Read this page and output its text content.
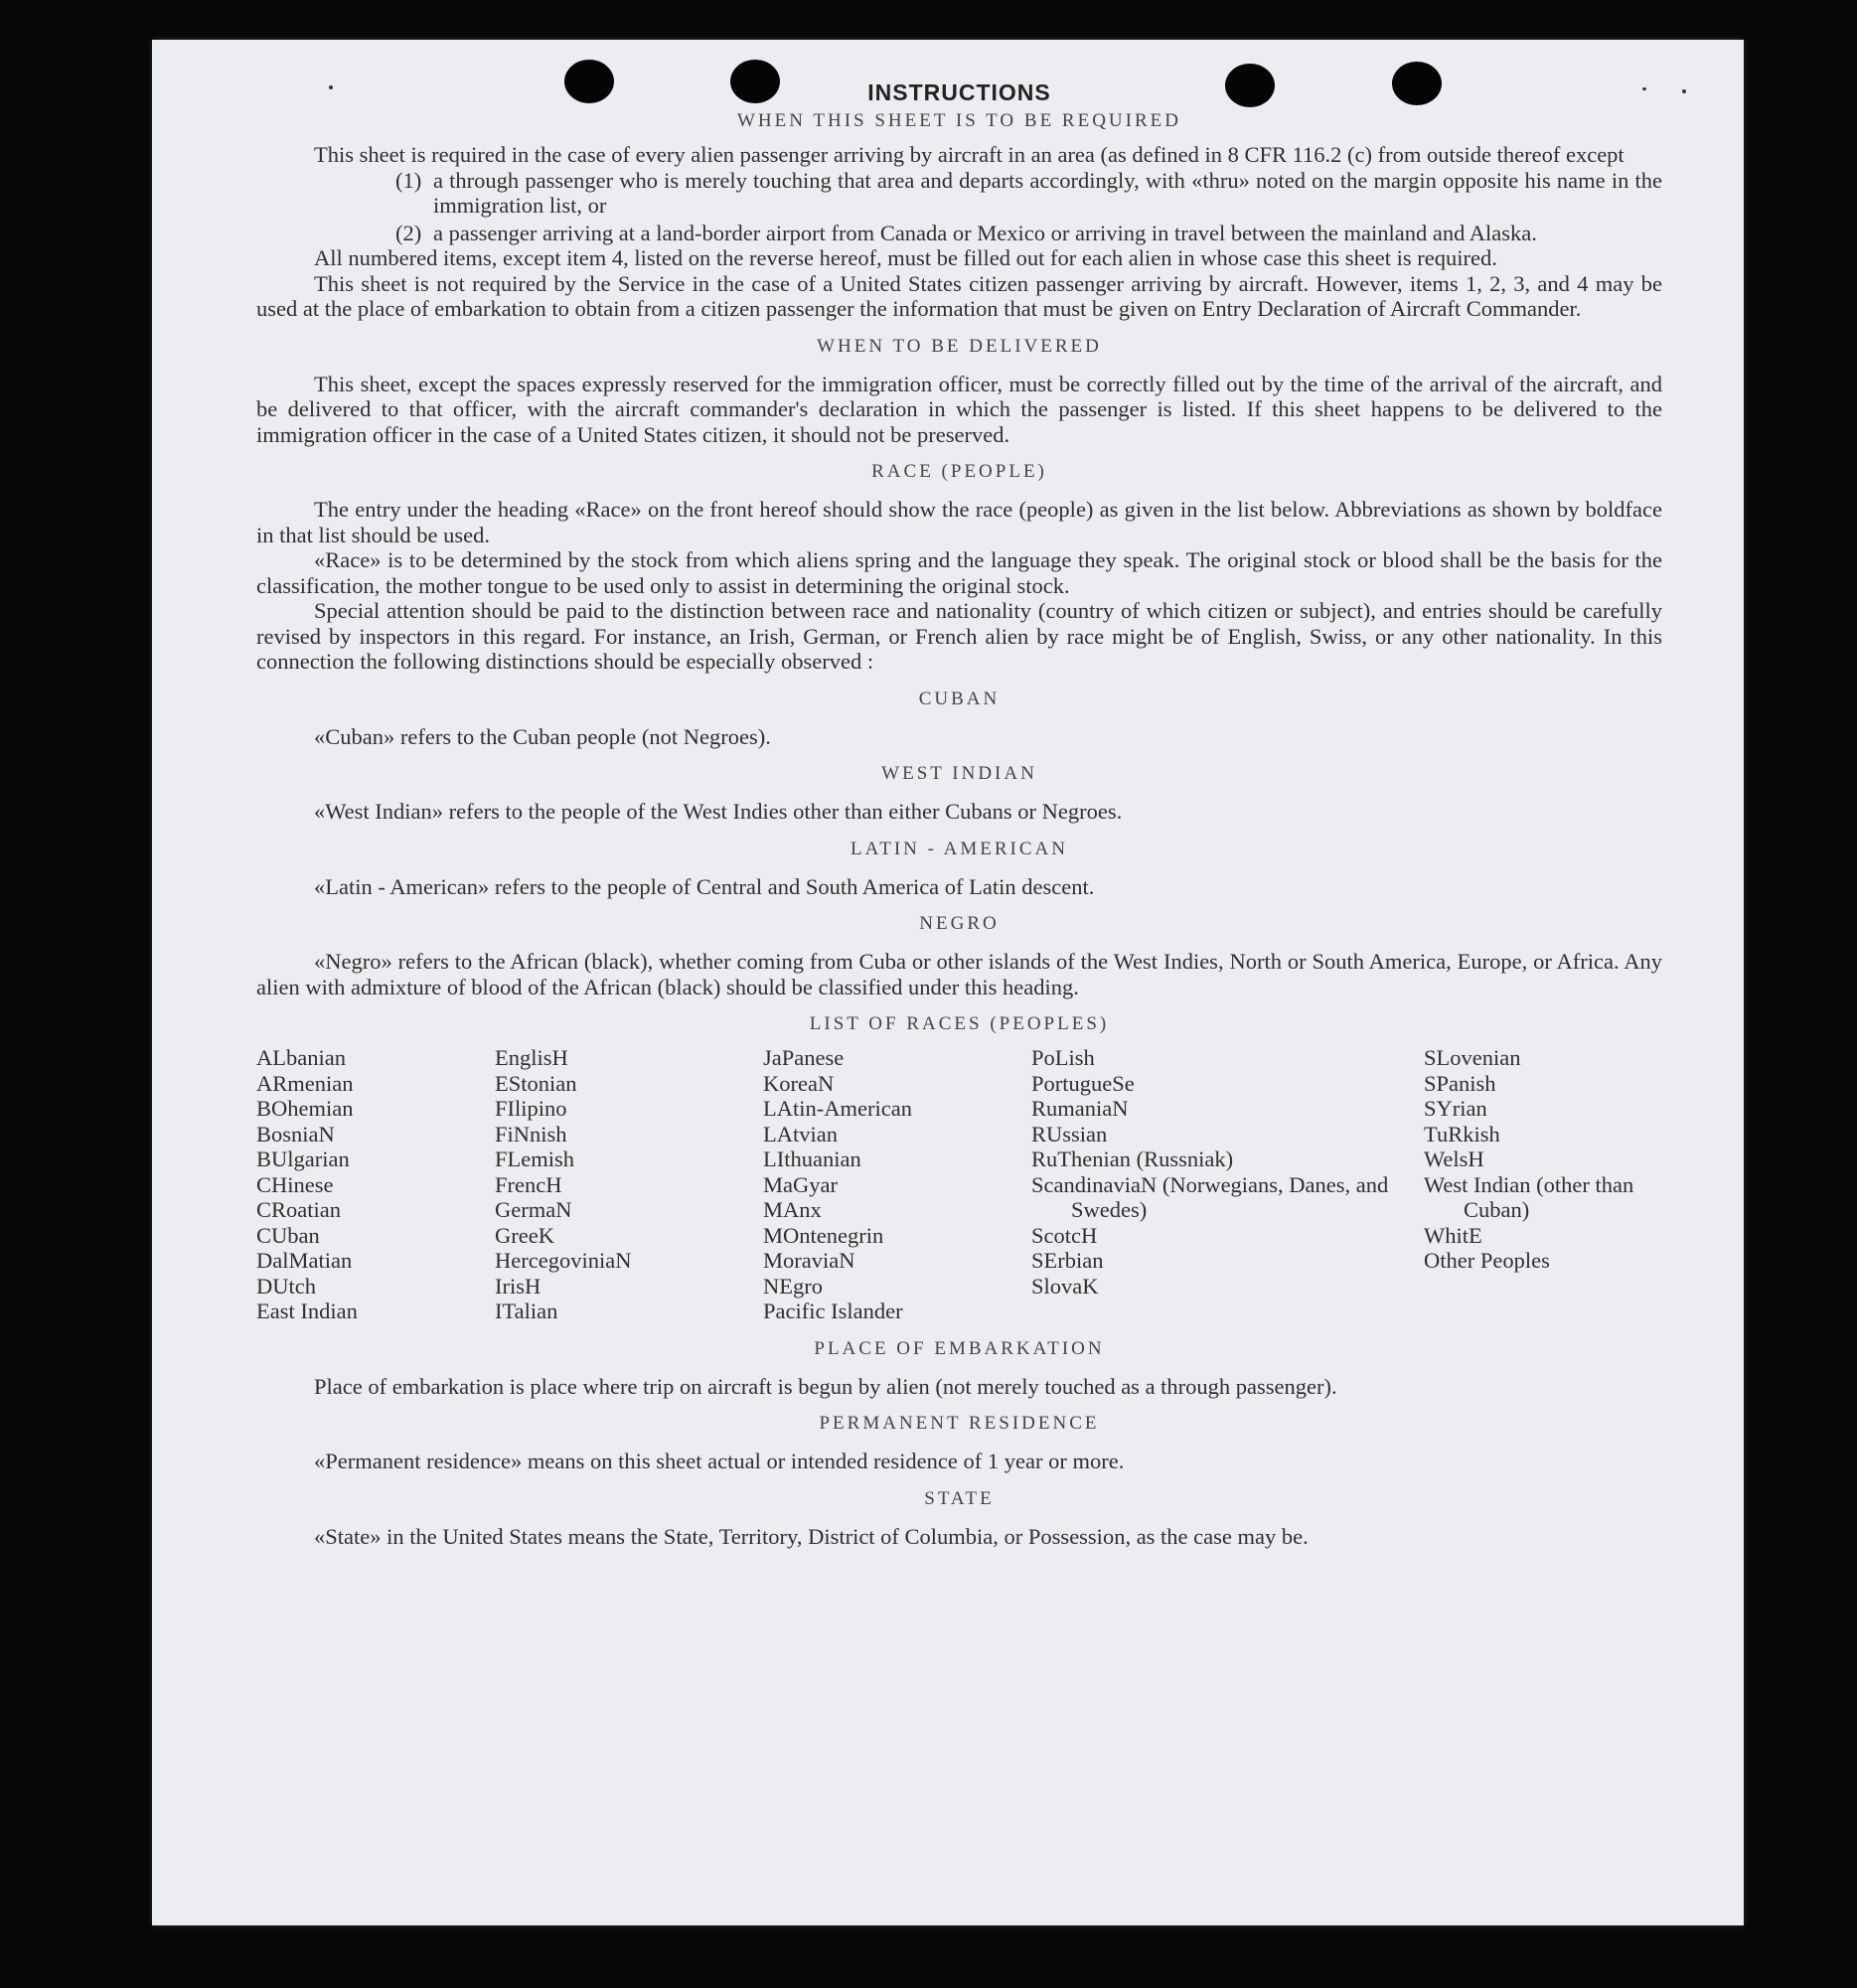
INSTRUCTIONS
WHEN THIS SHEET IS TO BE REQUIRED

This sheet is required in the case of every alien passenger arriving by aircraft in an area (as defined in 8 CFR 116.2 (c) from outside thereof except

(1) a through passenger who is merely touching that area and departs accordingly, with «thru» noted on the margin opposite his name in the immigration list, or
(2) a passenger arriving at a land-border airport from Canada or Mexico or arriving in travel between the mainland and Alaska.

All numbered items, except item 4, listed on the reverse hereof, must be filled out for each alien in whose case this sheet is required.

This sheet is not required by the Service in the case of a United States citizen passenger arriving by aircraft. However, items 1, 2, 3, and 4 may be used at the place of embarkation to obtain from a citizen passenger the information that must be given on Entry Declaration of Aircraft Commander.

WHEN TO BE DELIVERED

This sheet, except the spaces expressly reserved for the immigration officer, must be correctly filled out by the time of the arrival of the aircraft, and be delivered to that officer, with the aircraft commander's declaration in which the passenger is listed. If this sheet happens to be delivered to the immigration officer in the case of a United States citizen, it should not be preserved.

RACE (PEOPLE)

The entry under the heading «Race» on the front hereof should show the race (people) as given in the list below. Abbreviations as shown by boldface in that list should be used.

«Race» is to be determined by the stock from which aliens spring and the language they speak. The original stock or blood shall be the basis for the classification, the mother tongue to be used only to assist in determining the original stock.

Special attention should be paid to the distinction between race and nationality (country of which citizen or subject), and entries should be carefully revised by inspectors in this regard. For instance, an Irish, German, or French alien by race might be of English, Swiss, or any other nationality. In this connection the following distinctions should be especially observed :

CUBAN

«Cuban» refers to the Cuban people (not Negroes).

WEST INDIAN

«West Indian» refers to the people of the West Indies other than either Cubans or Negroes.

LATIN - AMERICAN

«Latin - American» refers to the people of Central and South America of Latin descent.

NEGRO

«Negro» refers to the African (black), whether coming from Cuba or other islands of the West Indies, North or South America, Europe, or Africa. Any alien with admixture of blood of the African (black) should be classified under this heading.

LIST OF RACES (PEOPLES)
ALbanian
ARmenian
BOhemian
BosniaN
BUlgarian
CHinese
CRoatian
CUban
DalMatian
DUtch
East Indian
EnglisH
EStonian
FIlipino
FiNnish
FLemish
FrencH
GermaN
GreeK
HercegoviniaN
IrisH
ITalian
JaPanese
KoreaN
LAtin-American
LAtvian
LIthuanian
MaGyar
MAnx
MOntenegrin
MoraviaN
NEgro
Pacific Islander
PoLish
PortugueSe
RumaniaN
RUssian
RuThenian (Russniak)
ScandinaviaN (Norwegians, Danes, and Swedes)
ScotcH
SErbian
SlovaK
SLovenian
SPanish
SYrian
TuRkish
WelsH
West Indian (other than Cuban)
WhitE
Other Peoples
PLACE OF EMBARKATION

Place of embarkation is place where trip on aircraft is begun by alien (not merely touched as a through passenger).

PERMANENT RESIDENCE

«Permanent residence» means on this sheet actual or intended residence of 1 year or more.

STATE

«State» in the United States means the State, Territory, District of Columbia, or Possession, as the case may be.
